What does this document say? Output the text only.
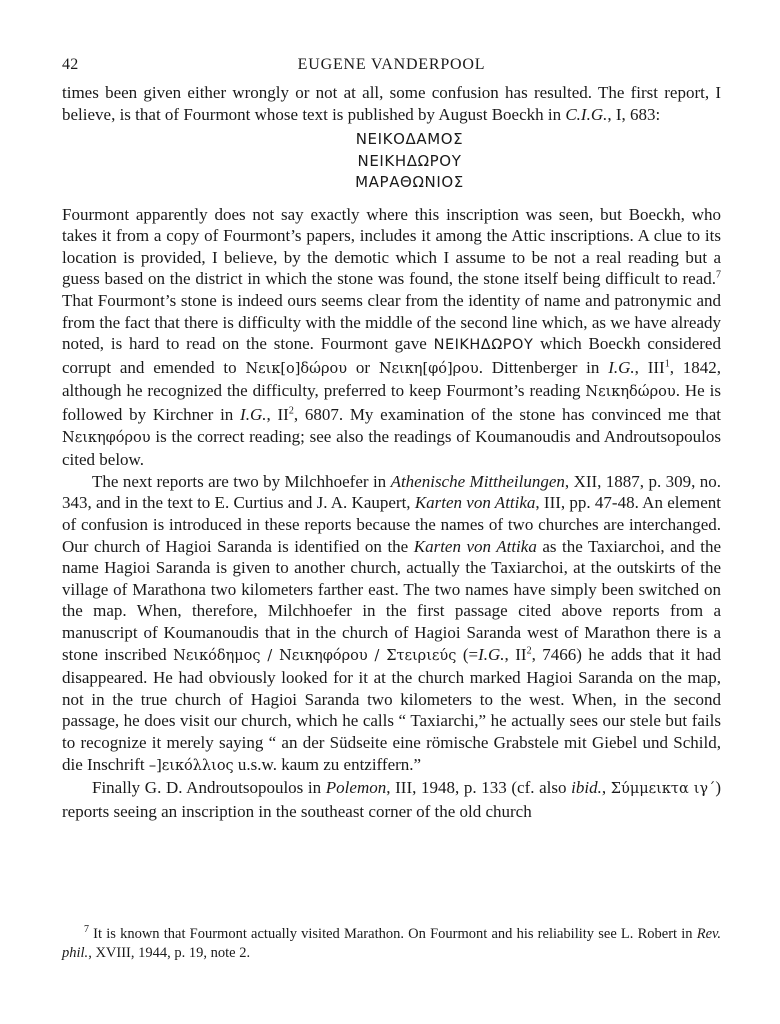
42	EUGENE VANDERPOOL

times been given either wrongly or not at all, some confusion has resulted. The first report, I believe, is that of Fourmont whose text is published by August Boeckh in C.I.G., I, 683:

ΝΕΙΚΟΔΑΜΟΣ
ΝΕΙΚΗΔΩΡΟΥ
ΜΑΡΑΘΩΝΙΟΣ

Fourmont apparently does not say exactly where this inscription was seen, but Boeckh, who takes it from a copy of Fourmont’s papers, includes it among the Attic inscriptions. A clue to its location is provided, I believe, by the demotic which I assume to be not a real reading but a guess based on the district in which the stone was found, the stone itself being difficult to read.$^7$ That Fourmont’s stone is indeed ours seems clear from the identity of name and patronymic and from the fact that there is difficulty with the middle of the second line which, as we have already noted, is hard to read on the stone. Fourmont gave ΝΕΙΚΗΔΩΡΟΥ which Boeckh considered corrupt and emended to Νεικ[ο]δώρου or Νεικη[φό]ρου. Dittenberger in I.G., III$^1$, 1842, although he recognized the difficulty, preferred to keep Fourmont’s reading Νεικηδώρου. He is followed by Kirchner in I.G., $II^2$, 6807. My examination of the stone has convinced me that Νεικηφόρου is the correct reading; see also the readings of Koumanoudis and Androutsopoulos cited below.

The next reports are two by Milchhoefer in Athenische Mittheilungen, XII, 1887, p. 309, no. 343, and in the text to E. Curtius and J. A. Kaupert, Karten von Attika, III, pp. 47-48. An element of confusion is introduced in these reports because the names of two churches are interchanged. Our church of Hagioi Saranda is identified on the Karten von Attika as the Taxiarchoi, and the name Hagioi Saranda is given to another church, actually the Taxiarchoi, at the outskirts of the village of Marathona two kilometers farther east. The two names have simply been switched on the map. When, therefore, Milchhoefer in the first passage cited above reports from a manuscript of Koumanoudis that in the church of Hagioi Saranda west of Marathon there is a stone inscribed Νεικόδημος / Νεικηφόρου / Στειριεύς (=I.G., $II^2$, 7466) he adds that it had disappeared. He had obviously looked for it at the church marked Hagioi Saranda on the map, not in the true church of Hagioi Saranda two kilometers to the west. When, in the second passage, he does visit our church, which he calls “ Taxiarchi,” he actually sees our stele but fails to recognize it merely saying “ an der Südseite eine römische Grabstele mit Giebel und Schild, die Inschrift –]εικόλλιος u.s.w. kaum zu entziffern.”

Finally G. D. Androutsopoulos in Polemon, III, 1948, p. 133 (cf. also ibid., Σύμμεικτα ιγ΄) reports seeing an inscription in the southeast corner of the old church

$^7$ It is known that Fourmont actually visited Marathon. On Fourmont and his reliability see L. Robert in Rev. phil., XVIII, 1944, p. 19, note 2.
